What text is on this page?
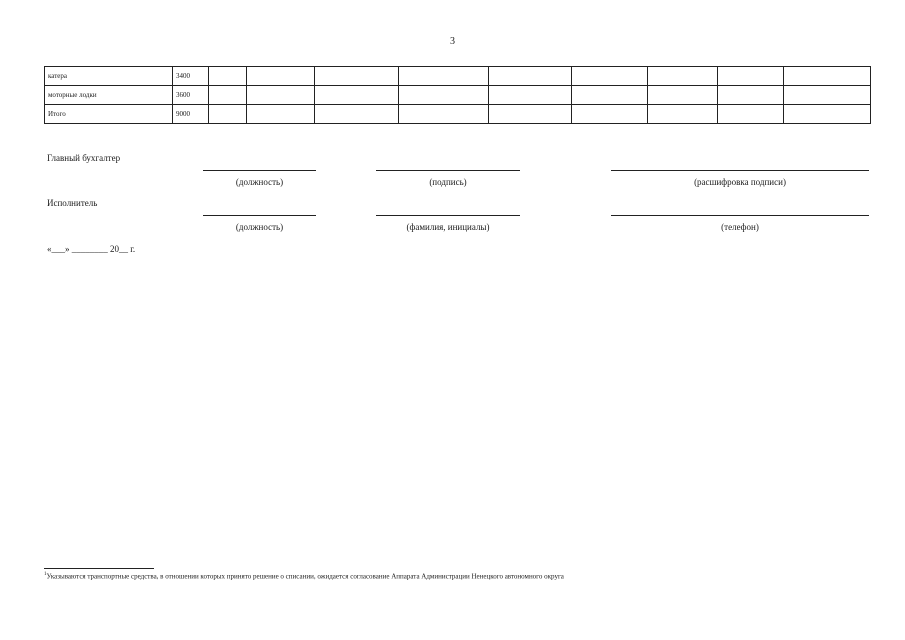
3
катера	3400									
моторные лодки	3600									
Итого	9000									
Главный бухгалтер
(должность)	(подпись)	(расшифровка подписи)
Исполнитель
(должность)	(фамилия, инициалы)	(телефон)
«___» ________ 20__ г.
$^1$Указываются транспортные средства, в отношении которых принято решение о списании, ожидается согласование Аппарата Администрации Ненецкого автономного округа
